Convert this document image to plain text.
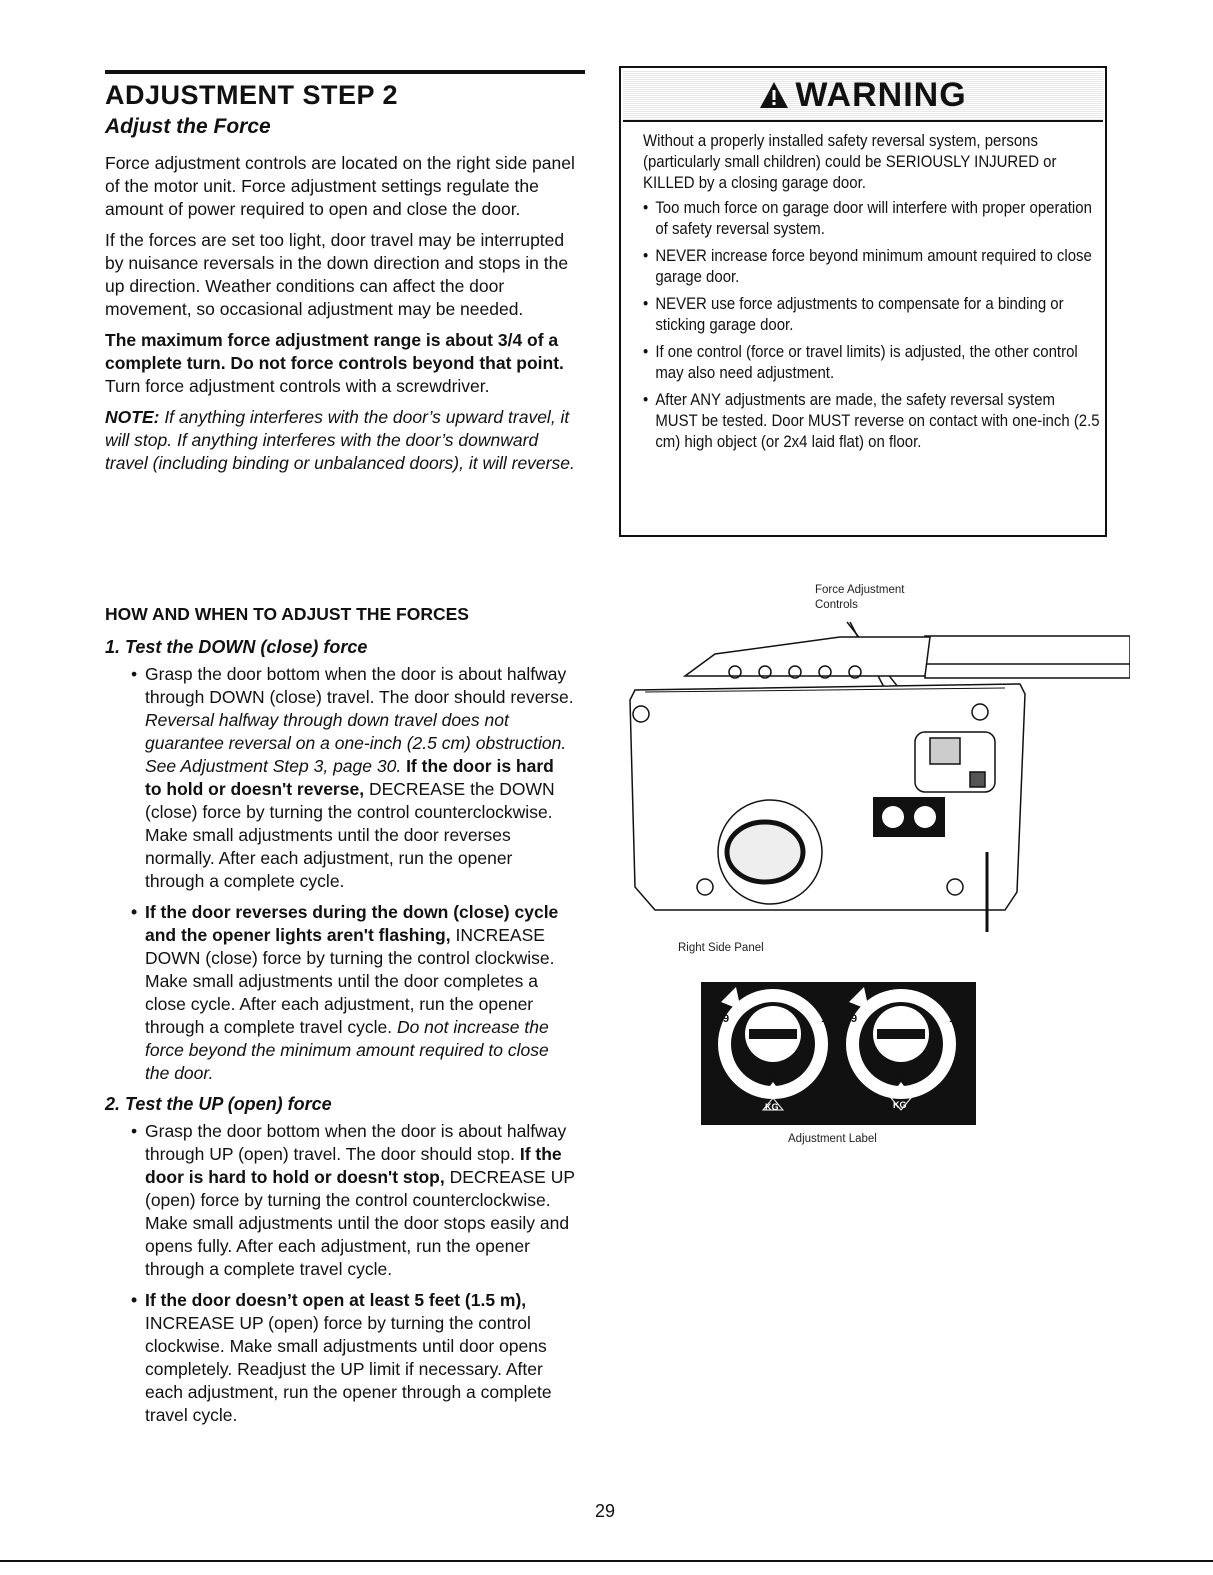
ADJUSTMENT STEP 2
Adjust the Force

Force adjustment controls are located on the right side panel of the motor unit. Force adjustment settings regulate the amount of power required to open and close the door.

If the forces are set too light, door travel may be interrupted by nuisance reversals in the down direction and stops in the up direction. Weather conditions can affect the door movement, so occasional adjustment may be needed.

The maximum force adjustment range is about 3/4 of a complete turn. Do not force controls beyond that point. Turn force adjustment controls with a screwdriver.

NOTE: If anything interferes with the door’s upward travel, it will stop. If anything interferes with the door’s downward travel (including binding or unbalanced doors), it will reverse.

HOW AND WHEN TO ADJUST THE FORCES
1. Test the DOWN (close) force
• Grasp the door bottom when the door is about halfway through DOWN (close) travel. The door should reverse. Reversal halfway through down travel does not guarantee reversal on a one-inch (2.5 cm) obstruction. See Adjustment Step 3, page 30. If the door is hard to hold or doesn't reverse, DECREASE the DOWN (close) force by turning the control counterclockwise. Make small adjustments until the door reverses normally. After each adjustment, run the opener through a complete cycle.
• If the door reverses during the down (close) cycle and the opener lights aren't flashing, INCREASE DOWN (close) force by turning the control clockwise. Make small adjustments until the door completes a close cycle. After each adjustment, run the opener through a complete travel cycle. Do not increase the force beyond the minimum amount required to close the door.
2. Test the UP (open) force
• Grasp the door bottom when the door is about halfway through UP (open) travel. The door should stop. If the door is hard to hold or doesn't stop, DECREASE UP (open) force by turning the control counterclockwise. Make small adjustments until the door stops easily and opens fully. After each adjustment, run the opener through a complete travel cycle.
• If the door doesn’t open at least 5 feet (1.5 m), INCREASE UP (open) force by turning the control clockwise. Make small adjustments until door opens completely. Readjust the UP limit if necessary. After each adjustment, run the opener through a complete travel cycle.
WARNING

Without a properly installed safety reversal system, persons (particularly small children) could be SERIOUSLY INJURED or KILLED by a closing garage door.

• Too much force on garage door will interfere with proper operation of safety reversal system.
• NEVER increase force beyond minimum amount required to close garage door.
• NEVER use force adjustments to compensate for a binding or sticking garage door.
• If one control (force or travel limits) is adjusted, the other control may also need adjustment.
• After ANY adjustments are made, the safety reversal system MUST be tested. Door MUST reverse on contact with one-inch (2.5 cm) high object (or 2x4 laid flat) on floor.
Force Adjustment
Controls
Right Side Panel
9	1
7	3
5
9	1
7	3
5
KG	KG
Adjustment Label
29
